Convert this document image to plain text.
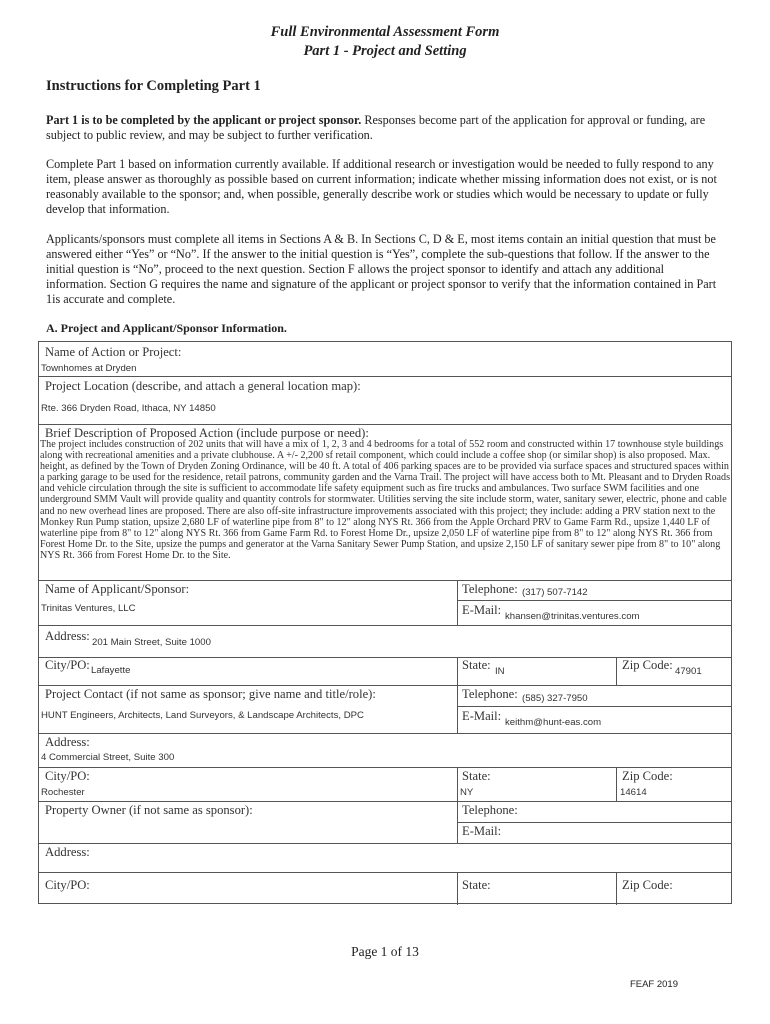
Full Environmental Assessment Form
Part 1 - Project and Setting
Instructions for Completing Part 1
Part 1 is to be completed by the applicant or project sponsor. Responses become part of the application for approval or funding, are subject to public review, and may be subject to further verification.
Complete Part 1 based on information currently available. If additional research or investigation would be needed to fully respond to any item, please answer as thoroughly as possible based on current information; indicate whether missing information does not exist, or is not reasonably available to the sponsor; and, when possible, generally describe work or studies which would be necessary to update or fully develop that information.
Applicants/sponsors must complete all items in Sections A & B. In Sections C, D & E, most items contain an initial question that must be answered either “Yes” or “No”. If the answer to the initial question is “Yes”, complete the sub-questions that follow. If the answer to the initial question is “No”, proceed to the next question. Section F allows the project sponsor to identify and attach any additional information. Section G requires the name and signature of the applicant or project sponsor to verify that the information contained in Part 1is accurate and complete.
A. Project and Applicant/Sponsor Information.
Name of Action or Project:
Townhomes at Dryden
Project Location (describe, and attach a general location map):
Rte. 366 Dryden Road, Ithaca, NY 14850
Brief Description of Proposed Action (include purpose or need):
The project includes construction of 202 units that will have a mix of 1, 2, 3 and 4 bedrooms for a total of 552 room and constructed within 17 townhouse style buildings along with recreational amenities and a private clubhouse. A +/- 2,200 sf retail component, which could include a coffee shop (or similar shop) is also proposed. Max. height, as defined by the Town of Dryden Zoning Ordinance, will be 40 ft. A total of 406 parking spaces are to be provided via surface spaces and structured spaces within a parking garage to be used for the residence, retail patrons, community garden and the Varna Trail. The project will have access both to Mt. Pleasant and to Dryden Roads and vehicle circulation through the site is sufficient to accommodate life safety equipment such as fire trucks and ambulances. Two surface SWM facilities and one underground SMM Vault will provide quality and quantity controls for stormwater. Utilities serving the site include storm, water, sanitary sewer, electric, phone and cable and no new overhead lines are proposed. There are also off-site infrastructure improvements associated with this project; they include: adding a PRV station next to the Monkey Run Pump station, upsize 2,680 LF of waterline pipe from 8" to 12" along NYS Rt. 366 from the Apple Orchard PRV to Game Farm Rd., upsize 1,440 LF of waterline pipe from 8" to 12" along NYS Rt. 366 from Game Farm Rd. to Forest Home Dr., upsize 2,050 LF of waterline pipe from 8" to 12" along NYS Rt. 366 from Forest Home Dr. to the Site, upsize the pumps and generator at the Varna Sanitary Sewer Pump Station, and upsize 2,150 LF of sanitary sewer pipe from 8" to 10" along NYS Rt. 366 from Forest Home Dr. to the Site.
Name of Applicant/Sponsor:
Trinitas Ventures, LLC
Telephone: (317) 507-7142
E-Mail: khansen@trinitas.ventures.com
Address: 201 Main Street, Suite 1000
City/PO: Lafayette	State: IN	Zip Code: 47901
Project Contact (if not same as sponsor; give name and title/role):
HUNT Engineers, Architects, Land Surveyors, & Landscape Architects, DPC
Telephone: (585) 327-7950
E-Mail: keithm@hunt-eas.com
Address:
4 Commercial Street, Suite 300
City/PO:
Rochester
State:
NY
Zip Code:
14614
Property Owner (if not same as sponsor):	Telephone:
E-Mail:
Address:
City/PO:	State:	Zip Code:
Page 1 of 13
FEAF 2019
